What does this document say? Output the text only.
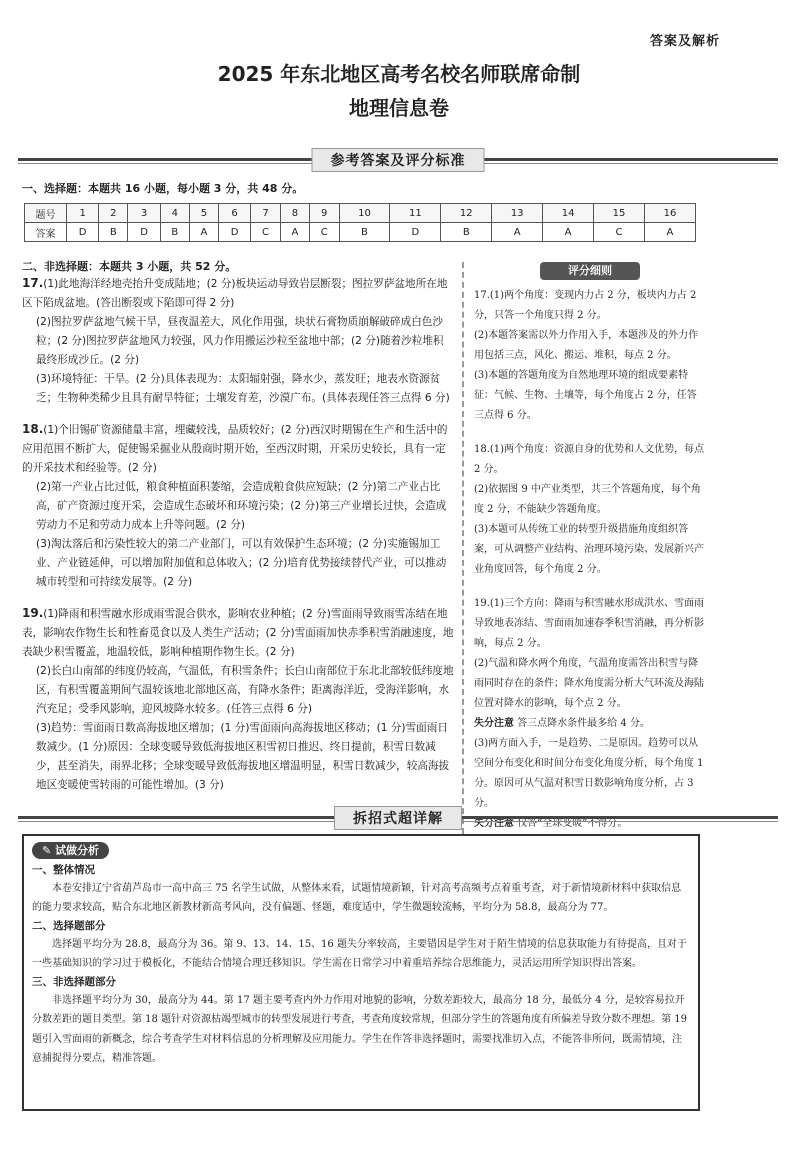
答案及解析
2025 年东北地区高考名校名师联席命制
地理信息卷
参考答案及评分标准
一、选择题：本题共 16 小题，每小题 3 分，共 48 分。
题号	1	2	3	4	5	6	7	8	9	10	11	12	13	14	15	16
答案	D	B	D	B	A	D	C	A	C	B	D	B	A	A	C	A
二、非选择题：本题共 3 小题，共 52 分。

17.(1)此地海洋经地壳抬升变成陆地；(2 分)板块运动导致岩层断裂；图拉罗萨盆地所在地区下陷成盆地。(答出断裂或下陷即可得 2 分)

(2)图拉罗萨盆地气候干旱，昼夜温差大，风化作用强，块状石膏物质崩解破碎成白色沙粒；(2 分)图拉罗萨盆地风力较强，风力作用搬运沙粒至盆地中部；(2 分)随着沙粒堆积最终形成沙丘。(2 分)

(3)环境特征：干旱。(2 分)具体表现为：太阳辐射强，降水少，蒸发旺；地表水资源贫乏；生物种类稀少且具有耐旱特征；土壤发育差，沙漠广布。(具体表现任答三点得 6 分)

18.(1)个旧锡矿资源储量丰富，埋藏较浅，品质较好；(2 分)西汉时期锡在生产和生活中的应用范围不断扩大，促使锡采掘业从殷商时期开始，至西汉时期，开采历史较长，具有一定的开采技术和经验等。(2 分)

(2)第一产业占比过低，粮食种植面积萎缩，会造成粮食供应短缺；(2 分)第二产业占比高，矿产资源过度开采，会造成生态破坏和环境污染；(2 分)第三产业增长过快，会造成劳动力不足和劳动力成本上升等问题。(2 分)

(3)淘汰落后和污染性较大的第二产业部门，可以有效保护生态环境；(2 分)实施锡加工业、产业链延伸，可以增加附加值和总体收入；(2 分)培育优势接续替代产业，可以推动城市转型和可持续发展等。(2 分)

19.(1)降雨和积雪融水形成雨雪混合供水，影响农业种植；(2 分)雪面雨导致雨雪冻结在地表，影响农作物生长和牲畜觅食以及人类生产活动；(2 分)雪面雨加快赤季积雪消融速度，地表缺少积雪覆盖，地温较低，影响种植期作物生长。(2 分)

(2)长白山南部的纬度仍较高，气温低，有积雪条件；长白山南部位于东北北部较低纬度地区，有积雪覆盖期间气温较该地北部地区高，有降水条件；距离海洋近，受海洋影响，水汽充足；受季风影响，迎风坡降水较多。(任答三点得 6 分)

(3)趋势：雪面雨日数高海拔地区增加；(1 分)雪面雨向高海拔地区移动；(1 分)雪面雨日数减少。(1 分)原因：全球变暖导致低海拔地区积雪初日推迟、终日提前，积雪日数减少，甚至消失，雨界北移；全球变暖导致低海拔地区增温明显，积雪日数减少，较高海拔地区变暖使雪转雨的可能性增加。(3 分)

评分细则

17.(1)两个角度：变现内力占 2 分，板块内力占 2 分，只答一个角度只得 2 分。

(2)本题答案需以外力作用入手，本题涉及的外力作用包括三点，风化、搬运、堆积，每点 2 分。

(3)本题的答题角度为自然地理环境的组成要素特征：气候、生物、土壤等，每个角度占 2 分，任答三点得 6 分。

18.(1)两个角度：资源自身的优势和人文优势，每点 2 分。

(2)依据图 9 中产业类型，共三个答题角度，每个角度 2 分，不能缺少答题角度。

(3)本题可从传统工业的转型升级措施角度组织答案，可从调整产业结构、治理环境污染、发展新兴产业角度回答，每个角度 2 分。

19.(1)三个方向：降雨与积雪融水形成洪水、雪面雨导致地表冻结、雪面雨加速春季积雪消融，再分析影响，每点 2 分。

(2)气温和降水两个角度，气温角度需答出积雪与降雨同时存在的条件；降水角度需分析大气环流及海陆位置对降水的影响，每个点 2 分。

失分注意 答三点降水条件最多给 4 分。

(3)两方面入手，一是趋势、二是原因。趋势可以从空间分布变化和时间分布变化角度分析，每个角度 1 分。原因可从气温对积雪日数影响角度分析，占 3 分。

失分注意 仅答“全球变暖”不得分。

拆招式超详解
✎ 试做分析
一、整体情况

本卷安排辽宁省葫芦岛市一高中高三 75 名学生试做，从整体来看，试题情境新颖，针对高考高频考点着重考查，对于新情境新材料中获取信息的能力要求较高，贴合东北地区新教材新高考风向，没有偏题、怪题，难度适中，学生微题较流畅，平均分为 58.8，最高分为 77。

二、选择题部分

选择题平均分为 28.8，最高分为 36。第 9、13、14、15、16 题失分率较高，主要错因是学生对于陌生情境的信息获取能力有待提高，且对于一些基础知识的学习过于模板化，不能结合情境合理迁移知识。学生需在日常学习中着重培养综合思维能力，灵活运用所学知识得出答案。

三、非选择题部分

非选择题平均分为 30，最高分为 44。第 17 题主要考查内外力作用对地貌的影响，分数差距较大，最高分 18 分，最低分 4 分，是较容易拉开分数差距的题目类型。第 18 题针对资源枯竭型城市的转型发展进行考查，考查角度较常规，但部分学生的答题角度有所偏差导致分数不理想。第 19 题引入雪面雨的新概念，综合考查学生对材料信息的分析理解及应用能力。学生在作答非选择题时，需要找准切入点，不能答非所问，既需情境，注意捕捉得分要点，精准答题。
